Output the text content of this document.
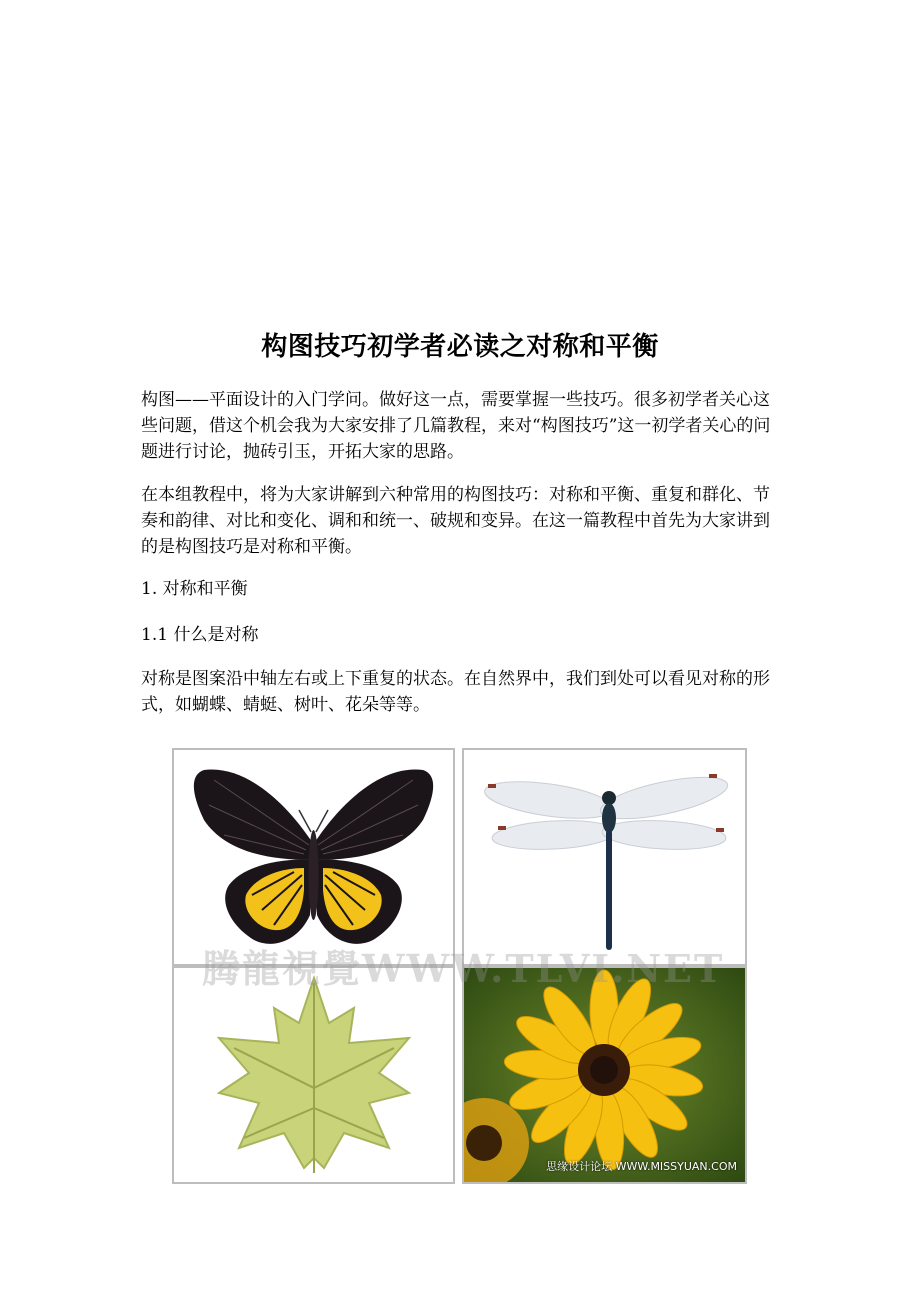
构图技巧初学者必读之对称和平衡
构图——平面设计的入门学问。做好这一点，需要掌握一些技巧。很多初学者关心这些问题，借这个机会我为大家安排了几篇教程，来对“构图技巧”这一初学者关心的问题进行讨论，抛砖引玉，开拓大家的思路。
在本组教程中，将为大家讲解到六种常用的构图技巧：对称和平衡、重复和群化、节奏和韵律、对比和变化、调和和统一、破规和变异。在这一篇教程中首先为大家讲到的是构图技巧是对称和平衡。
1. 对称和平衡
1.1 什么是对称
对称是图案沿中轴左右或上下重复的状态。在自然界中，我们到处可以看见对称的形式，如蝴蝶、蜻蜓、树叶、花朵等等。
思缘设计论坛 WWW.MISSYUAN.COM
腾龍視覺WWW.TLVI.NET
